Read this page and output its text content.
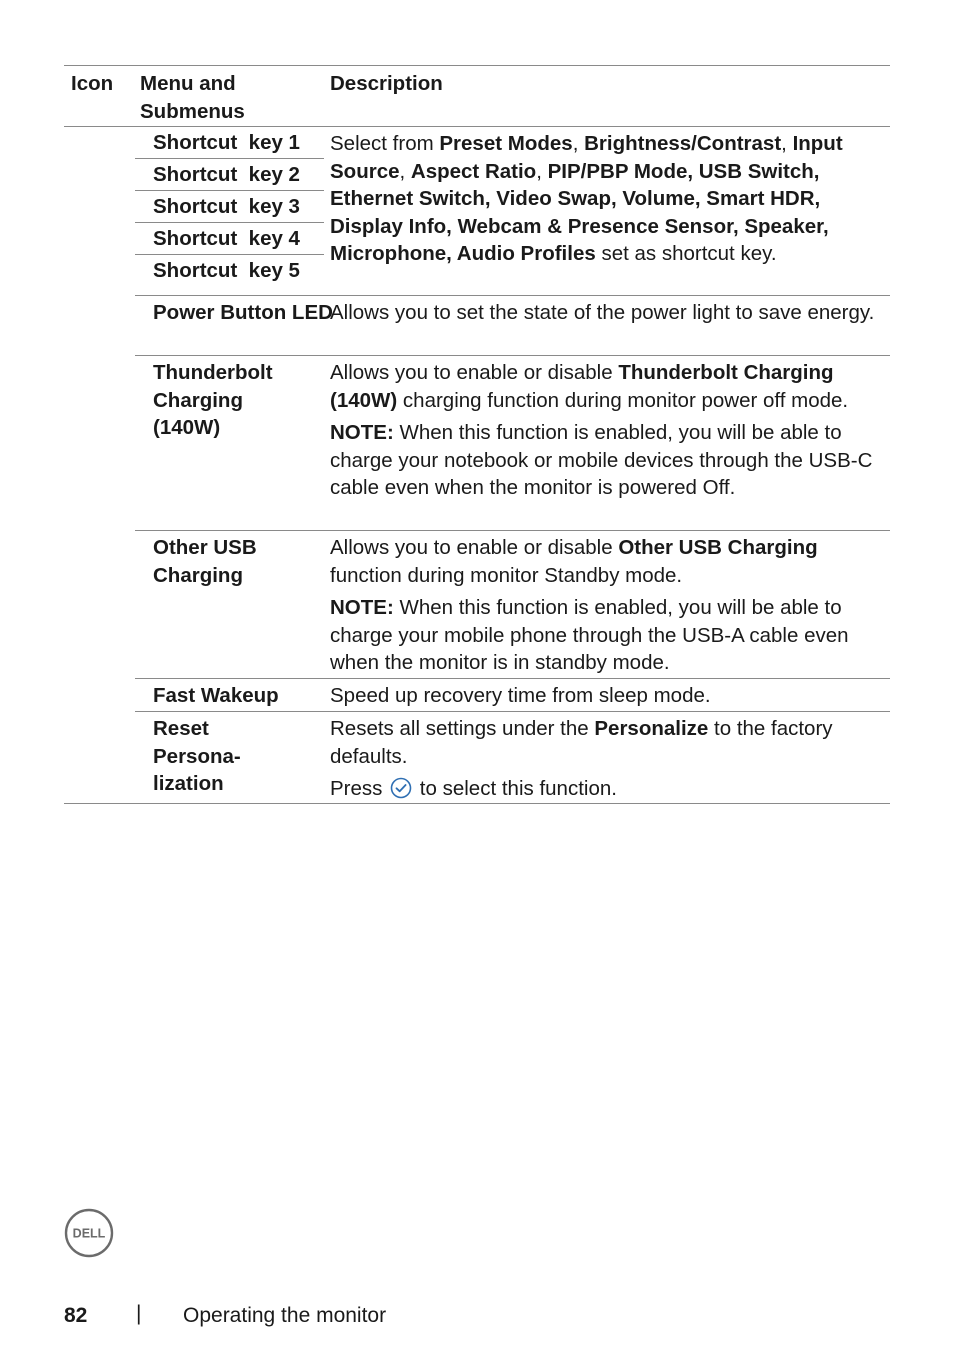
Icon Menu and Submenus
Description
Shortcut  key 1
Shortcut  key 2
Shortcut  key 3
Shortcut  key 4
Shortcut  key 5
Select from Preset Modes, Brightness/Contrast, Input Source, Aspect Ratio, PIP/PBP Mode, USB Switch, Ethernet Switch, Video Swap, Volume, Smart HDR, Display Info, Webcam & Presence Sensor, Speaker, Microphone, Audio Profiles set as shortcut key.
Power Button LED
Allows you to set the state of the power light to save energy.
Thunderbolt Charging (140W)

Allows you to enable or disable Thunderbolt Charging (140W) charging function during monitor power off mode.

NOTE: When this function is enabled, you will be able to charge your notebook or mobile devices through the USB-C cable even when the monitor is powered Off.

Other USB Charging

Allows you to enable or disable Other USB Charging function during monitor Standby mode.

NOTE: When this function is enabled, you will be able to charge your mobile phone through the USB-A cable even when the monitor is in standby mode.

Fast Wakeup	Speed up recovery time from sleep mode.
Reset Persona- lization

Resets all settings under the Personalize to the factory defaults.

Press  to select this function.

DELL
82 | Operating the monitor
